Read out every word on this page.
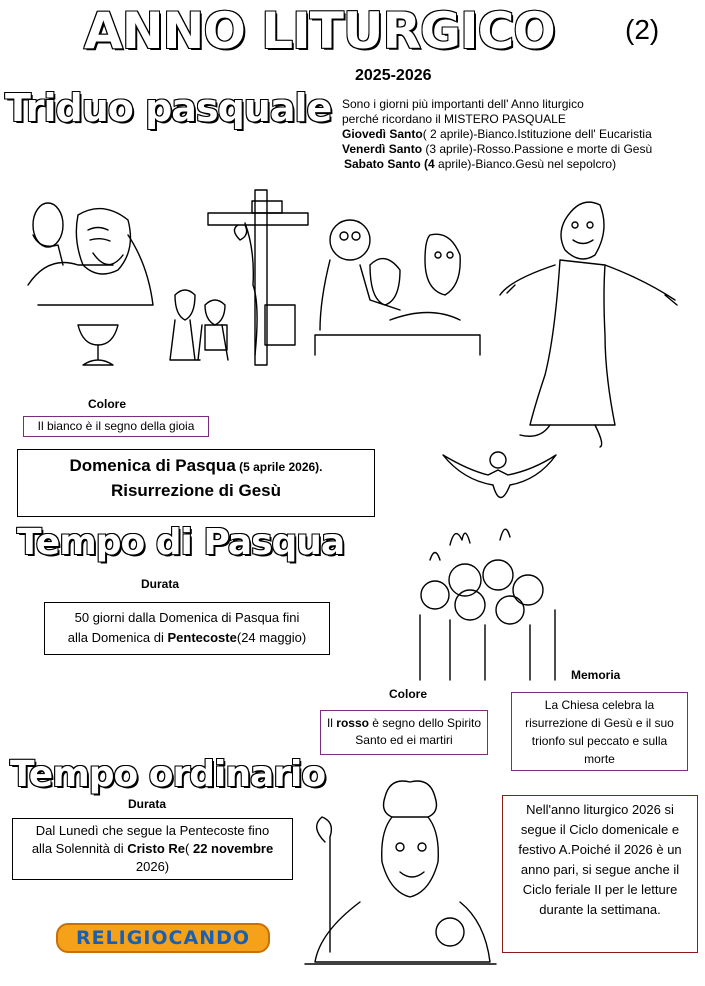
ANNO LITURGICO	(2)
2025-2026
Triduo pasquale Sono i giorni più importanti dell' Anno liturgico
perché ricordano il MISTERO PASQUALE
Giovedì Santo( 2 aprile)-Bianco.Istituzione dell' Eucaristia
Venerdì Santo (3 aprile)-Rosso.Passione e morte di Gesù
Sabato Santo (4 aprile)-Bianco.Gesù nel sepolcro)
Colore
Il bianco è il segno della gioia
Domenica di Pasqua (5 aprile 2026).
Risurrezione di Gesù
Tempo di Pasqua
Durata
50 giorni dalla Domenica di Pasqua fini
alla Domenica di Pentecoste(24 maggio)
Memoria
Colore
Il rosso è segno dello Spirito
Santo ed ei martiri
La Chiesa celebra la risurrezione di Gesù e il suo trionfo sul peccato e sulla morte
Tempo ordinario
Durata
Dal Lunedì che segue la Pentecoste fino
alla Solennità di Cristo Re( 22 novembre
2026)
Nell'anno liturgico 2026 si segue il Ciclo domenicale e festivo A.Poiché il 2026 è un anno pari, si segue anche il Ciclo feriale II per le letture durante la settimana.
RELIGIOCANDO
